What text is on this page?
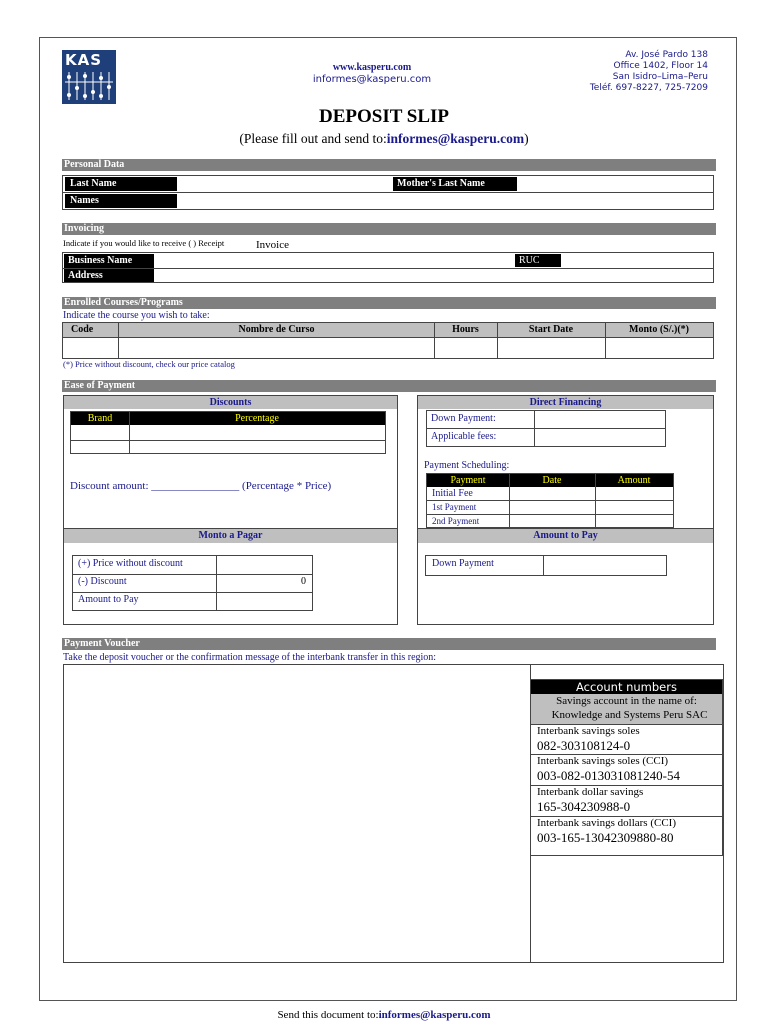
KAS	www.kasperu.com
informes@kasperu.com
Av. José Pardo 138
Office 1402, Floor 14
San Isidro–Lima–Peru
Teléf. 697-8227, 725-7209
DEPOSIT SLIP
(Please fill out and send to:informes@kasperu.com)
Personal Data
Last Name	Mother's Last Name
Names
Invoicing
Indicate if you would like to receive ( ) Receipt	Invoice
Business Name	RUC
Address
Enrolled Courses/Programs
Indicate the course you wish to take:
Code	Nombre de Curso	Hours	Start Date	Monto (S/.)(*)
(*) Price without discount, check our price catalog
Ease of Payment
Discounts
Brand	Percentage
Discount amount: ________________ (Percentage * Price)
Monto a Pagar
(+) Price without discount
(-) Discount	0
Amount to Pay
Direct Financing
Down Payment:
Applicable fees:
Payment Scheduling:
Payment	Date	Amount
Initial Fee
1st Payment
2nd Payment
Amount to Pay
Down Payment
Payment Voucher
Take the deposit voucher or the confirmation message of the interbank transfer in this region:
Account numbers
Savings account in the name of:
Knowledge and Systems Peru SAC
Interbank savings soles
082-303108124-0
Interbank savings soles (CCI)
003-082-013031081240-54
Interbank dollar savings
165-304230988-0
Interbank savings dollars (CCI)
003-165-13042309880-80
Send this document to:informes@kasperu.com
